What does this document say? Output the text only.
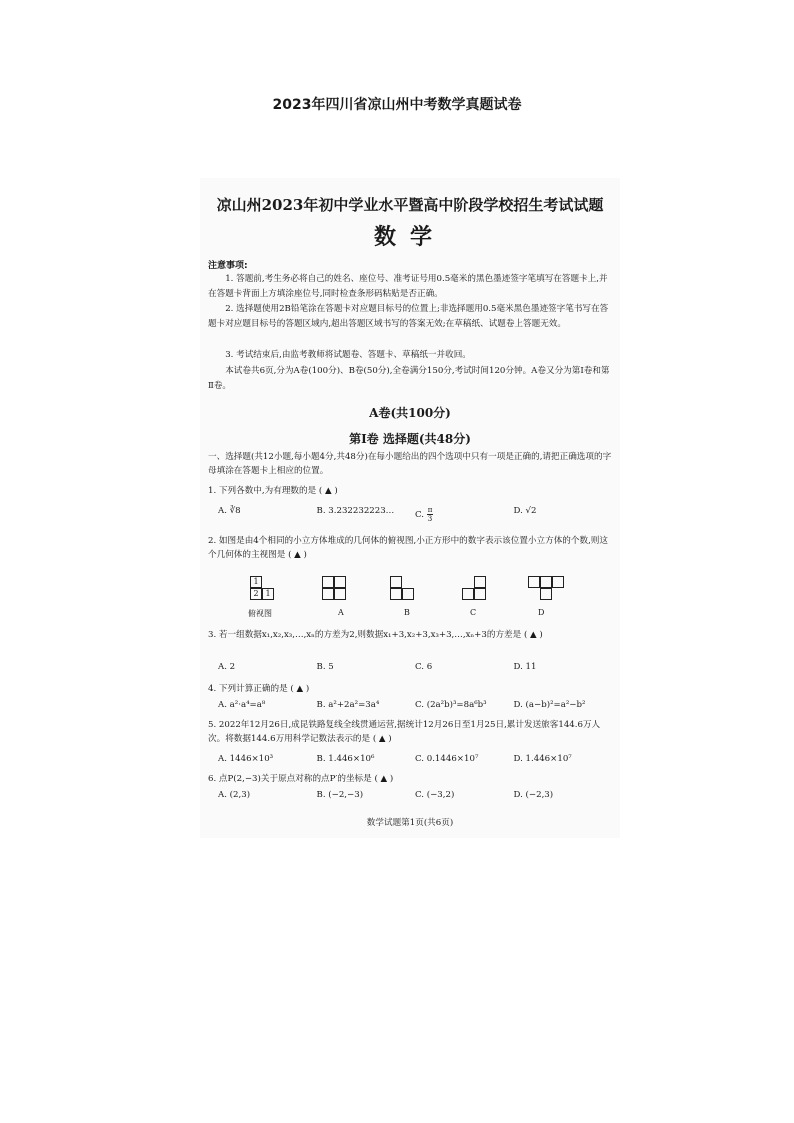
2023年四川省凉山州中考数学真题试卷
凉山州2023年初中学业水平暨高中阶段学校招生考试试题
数学
注意事项:
1. 答题前,考生务必将自己的姓名、座位号、准考证号用0.5毫米的黑色墨迹签字笔填写在答题卡上,并在答题卡背面上方填涂座位号,同时检查条形码粘贴是否正确。
2. 选择题使用2B铅笔涂在答题卡对应题目标号的位置上;非选择题用0.5毫米黑色墨迹签字笔书写在答题卡对应题目标号的答题区域内,超出答题区域书写的答案无效;在草稿纸、试题卷上答题无效。
3. 考试结束后,由监考教师将试题卷、答题卡、草稿纸一并收回。
本试卷共6页,分为A卷(100分)、B卷(50分),全卷满分150分,考试时间120分钟。A卷又分为第Ⅰ卷和第Ⅱ卷。
A卷(共100分)
第Ⅰ卷 选择题(共48分)
一、选择题(共12小题,每小题4分,共48分)在每小题给出的四个选项中只有一项是正确的,请把正确选项的字母填涂在答题卡上相应的位置。
1. 下列各数中,为有理数的是 ( ▲ )
A. ∛8	B. 3.232232223…	C. $\frac{\pi}{3}$	D. √2
2. 如图是由4个相同的小立方体堆成的几何体的俯视图,小正方形中的数字表示该位置小立方体的个数,则这个几何体的主视图是 ( ▲ )
1
2 1
俯视图	A	B	C	D
3. 若一组数据x₁,x₂,x₃,…,xₙ的方差为2,则数据x₁+3,x₂+3,x₃+3,…,xₙ+3的方差是 ( ▲ )
A. 2	B. 5	C. 6	D. 11
4. 下列计算正确的是 ( ▲ )
A. a²·a⁴=a⁸	B. a²+2a²=3a⁴	C. (2a²b)³=8a⁶b³	D. (a−b)²=a²−b²
5. 2022年12月26日,成昆铁路复线全线贯通运营,据统计12月26日至1月25日,累计发送旅客144.6万人次。将数据144.6万用科学记数法表示的是 ( ▲ )
A. 1446×10³	B. 1.446×10⁶	C. 0.1446×10⁷	D. 1.446×10⁷
6. 点P(2,−3)关于原点对称的点P′的坐标是 ( ▲ )
A. (2,3)	B. (−2,−3)	C. (−3,2)	D. (−2,3)
数学试题第1页(共6页)
